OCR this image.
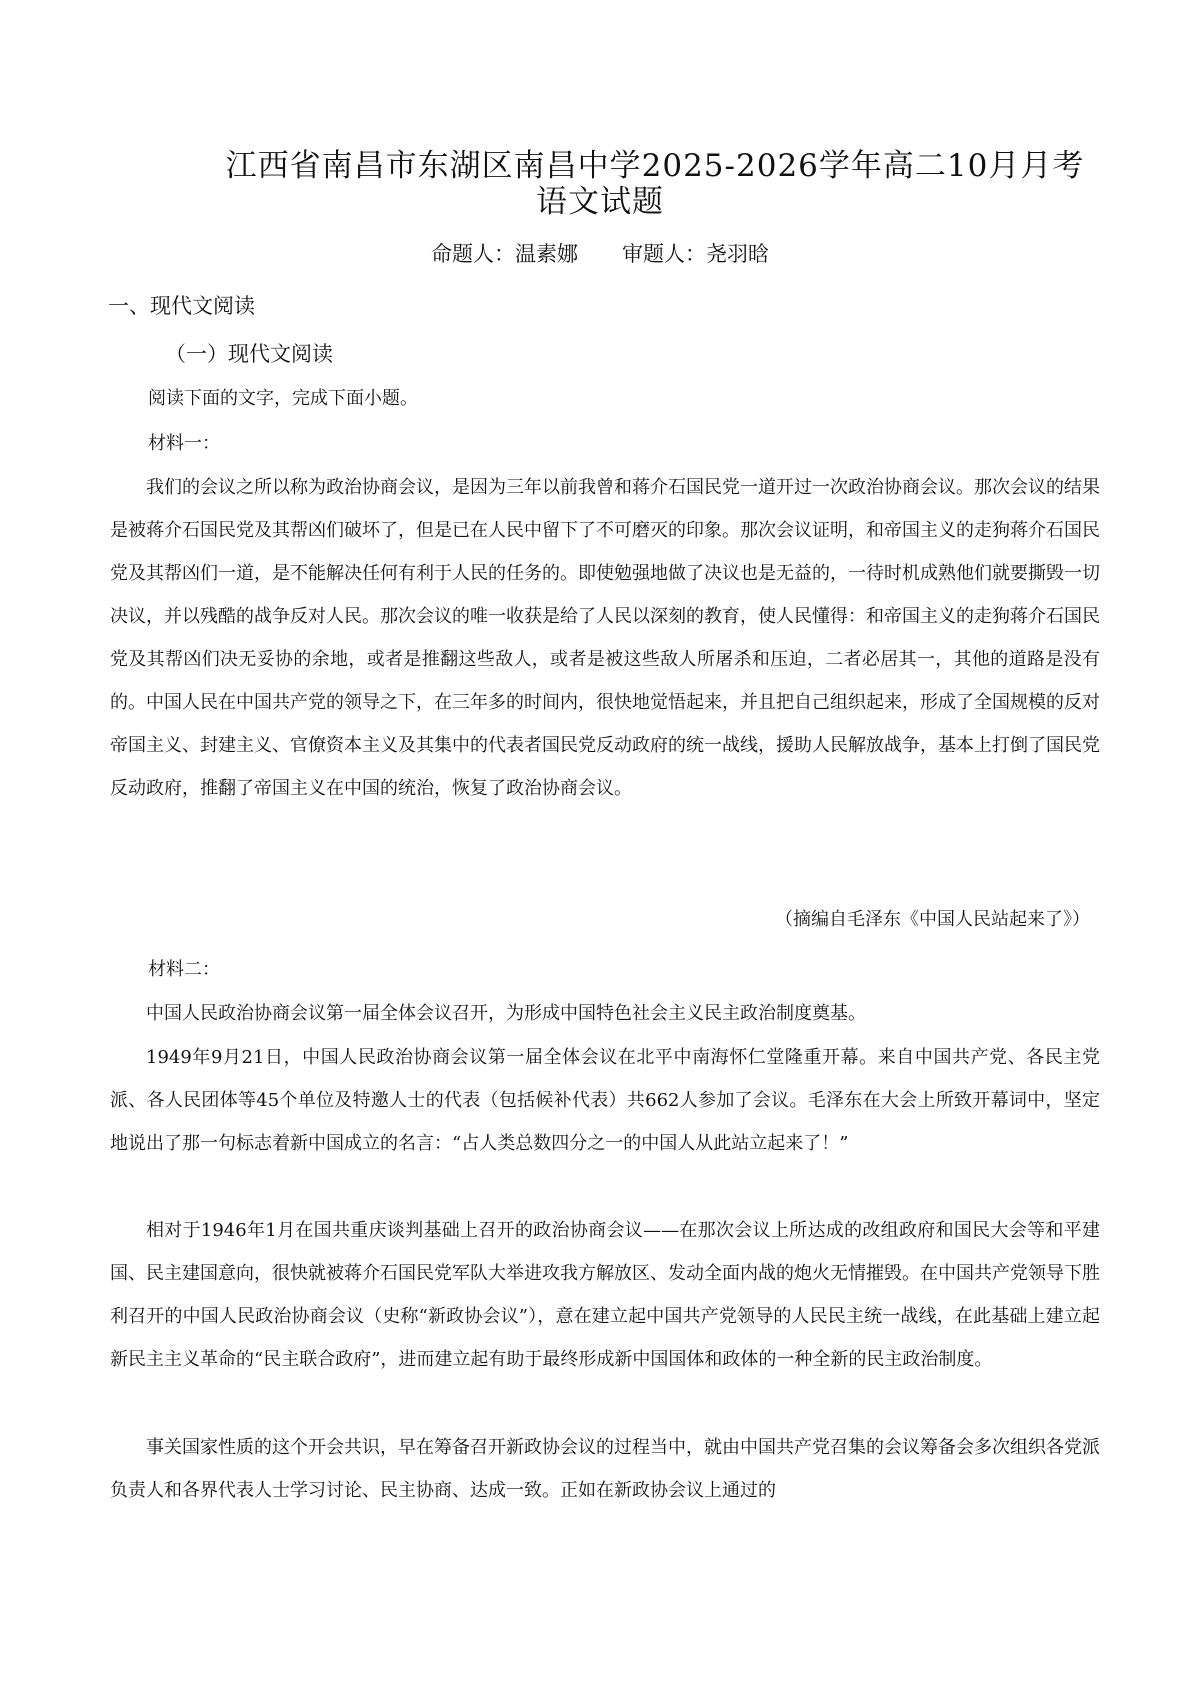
江西省南昌市东湖区南昌中学2025-2026学年高二10月月考
语文试题
命题人：温素娜 审题人：尧羽晗
一、现代文阅读
（一）现代文阅读
阅读下面的文字，完成下面小题。
材料一：
我们的会议之所以称为政治协商会议，是因为三年以前我曾和蒋介石国民党一道开过一次政治协商会议。那次会议的结果是被蒋介石国民党及其帮凶们破坏了，但是已在人民中留下了不可磨灭的印象。那次会议证明，和帝国主义的走狗蒋介石国民党及其帮凶们一道，是不能解决任何有利于人民的任务的。即使勉强地做了决议也是无益的，一待时机成熟他们就要撕毁一切决议，并以残酷的战争反对人民。那次会议的唯一收获是给了人民以深刻的教育，使人民懂得：和帝国主义的走狗蒋介石国民党及其帮凶们决无妥协的余地，或者是推翻这些敌人，或者是被这些敌人所屠杀和压迫，二者必居其一，其他的道路是没有的。中国人民在中国共产党的领导之下，在三年多的时间内，很快地觉悟起来，并且把自己组织起来，形成了全国规模的反对帝国主义、封建主义、官僚资本主义及其集中的代表者国民党反动政府的统一战线，援助人民解放战争，基本上打倒了国民党反动政府，推翻了帝国主义在中国的统治，恢复了政治协商会议。
（摘编自毛泽东《中国人民站起来了》）
材料二：
中国人民政治协商会议第一届全体会议召开，为形成中国特色社会主义民主政治制度奠基。
1949年9月21日，中国人民政治协商会议第一届全体会议在北平中南海怀仁堂隆重开幕。来自中国共产党、各民主党派、各人民团体等45个单位及特邀人士的代表（包括候补代表）共662人参加了会议。毛泽东在大会上所致开幕词中，坚定地说出了那一句标志着新中国成立的名言：“占人类总数四分之一的中国人从此站立起来了！”
相对于1946年1月在国共重庆谈判基础上召开的政治协商会议——在那次会议上所达成的改组政府和国民大会等和平建国、民主建国意向，很快就被蒋介石国民党军队大举进攻我方解放区、发动全面内战的炮火无情摧毁。在中国共产党领导下胜利召开的中国人民政治协商会议（史称“新政协会议”），意在建立起中国共产党领导的人民民主统一战线，在此基础上建立起新民主主义革命的“民主联合政府”，进而建立起有助于最终形成新中国国体和政体的一种全新的民主政治制度。
事关国家性质的这个开会共识，早在筹备召开新政协会议的过程当中，就由中国共产党召集的会议筹备会多次组织各党派负责人和各界代表人士学习讨论、民主协商、达成一致。正如在新政协会议上通过的
